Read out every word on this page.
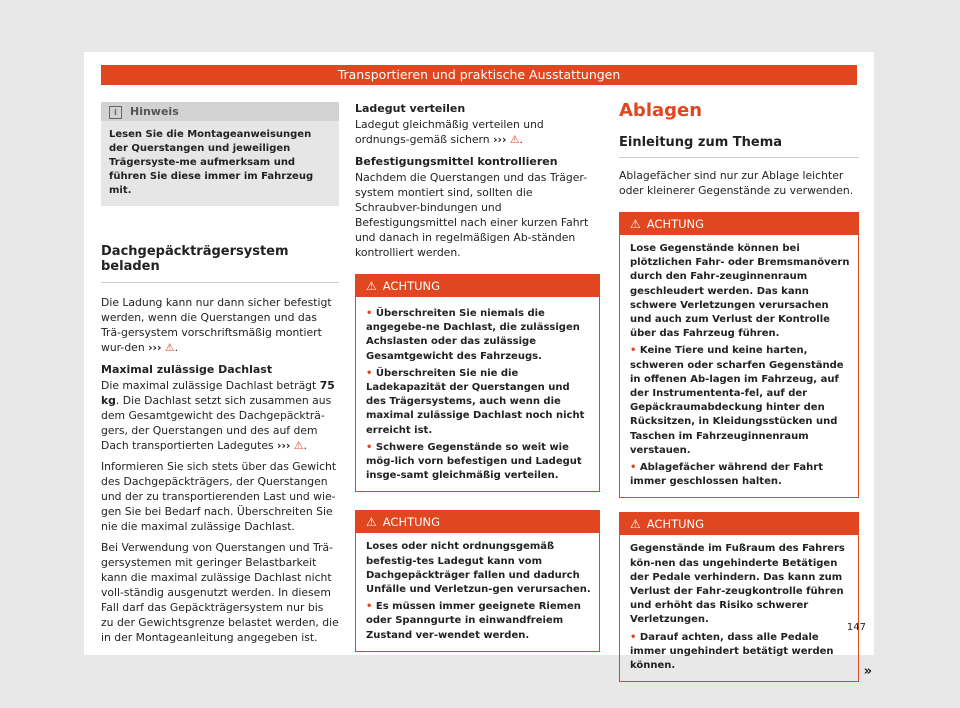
Transportieren und praktische Ausstattungen
i Hinweis
Lesen Sie die Montageanweisungen der Querstangen und jeweiligen Trägersyste-me aufmerksam und führen Sie diese immer im Fahrzeug mit.
Dachgepäckträgersystem beladen

Die Ladung kann nur dann sicher befestigt werden, wenn die Querstangen und das Trä-gersystem vorschriftsmäßig montiert wur-den ››› ⚠.

Maximal zulässige Dachlast

Die maximal zulässige Dachlast beträgt 75 kg. Die Dachlast setzt sich zusammen aus dem Gesamtgewicht des Dachgepäckträ-gers, der Querstangen und des auf dem Dach transportierten Ladegutes ››› ⚠.

Informieren Sie sich stets über das Gewicht des Dachgepäckträgers, der Querstangen und der zu transportierenden Last und wie-gen Sie bei Bedarf nach. Überschreiten Sie nie die maximal zulässige Dachlast.

Bei Verwendung von Querstangen und Trä-gersystemen mit geringer Belastbarkeit kann die maximal zulässige Dachlast nicht voll-ständig ausgenutzt werden. In diesem Fall darf das Gepäckträgersystem nur bis zu der Gewichtsgrenze belastet werden, die in der Montageanleitung angegeben ist.

Ladegut verteilen

Ladegut gleichmäßig verteilen und ordnungs-gemäß sichern ››› ⚠.

Befestigungsmittel kontrollieren

Nachdem die Querstangen und das Träger-system montiert sind, sollten die Schraubver-bindungen und Befestigungsmittel nach einer kurzen Fahrt und danach in regelmäßigen Ab-ständen kontrolliert werden.

⚠ ACHTUNG
• Überschreiten Sie niemals die angegebe-ne Dachlast, die zulässigen Achslasten oder das zulässige Gesamtgewicht des Fahrzeugs.
• Überschreiten Sie nie die Ladekapazität der Querstangen und des Trägersystems, auch wenn die maximal zulässige Dachlast noch nicht erreicht ist.
• Schwere Gegenstände so weit wie mög-lich vorn befestigen und Ladegut insge-samt gleichmäßig verteilen.
⚠ ACHTUNG
Loses oder nicht ordnungsgemäß befestig-tes Ladegut kann vom Dachgepäckträger fallen und dadurch Unfälle und Verletzun-gen verursachen.
• Es müssen immer geeignete Riemen oder Spanngurte in einwandfreiem Zustand ver-wendet werden.
Ablagen
Einleitung zum Thema

Ablagefächer sind nur zur Ablage leichter oder kleinerer Gegenstände zu verwenden.

⚠ ACHTUNG
Lose Gegenstände können bei plötzlichen Fahr- oder Bremsmanövern durch den Fahr-zeuginnenraum geschleudert werden. Das kann schwere Verletzungen verursachen und auch zum Verlust der Kontrolle über das Fahrzeug führen.
• Keine Tiere und keine harten, schweren oder scharfen Gegenstände in offenen Ab-lagen im Fahrzeug, auf der Instrumententa-fel, auf der Gepäckraumabdeckung hinter den Rücksitzen, in Kleidungsstücken und Taschen im Fahrzeuginnenraum verstauen.
• Ablagefächer während der Fahrt immer geschlossen halten.
⚠ ACHTUNG
Gegenstände im Fußraum des Fahrers kön-nen das ungehinderte Betätigen der Pedale verhindern. Das kann zum Verlust der Fahr-zeugkontrolle führen und erhöht das Risiko schwerer Verletzungen.
• Darauf achten, dass alle Pedale immer ungehindert betätigt werden können.	»
147
